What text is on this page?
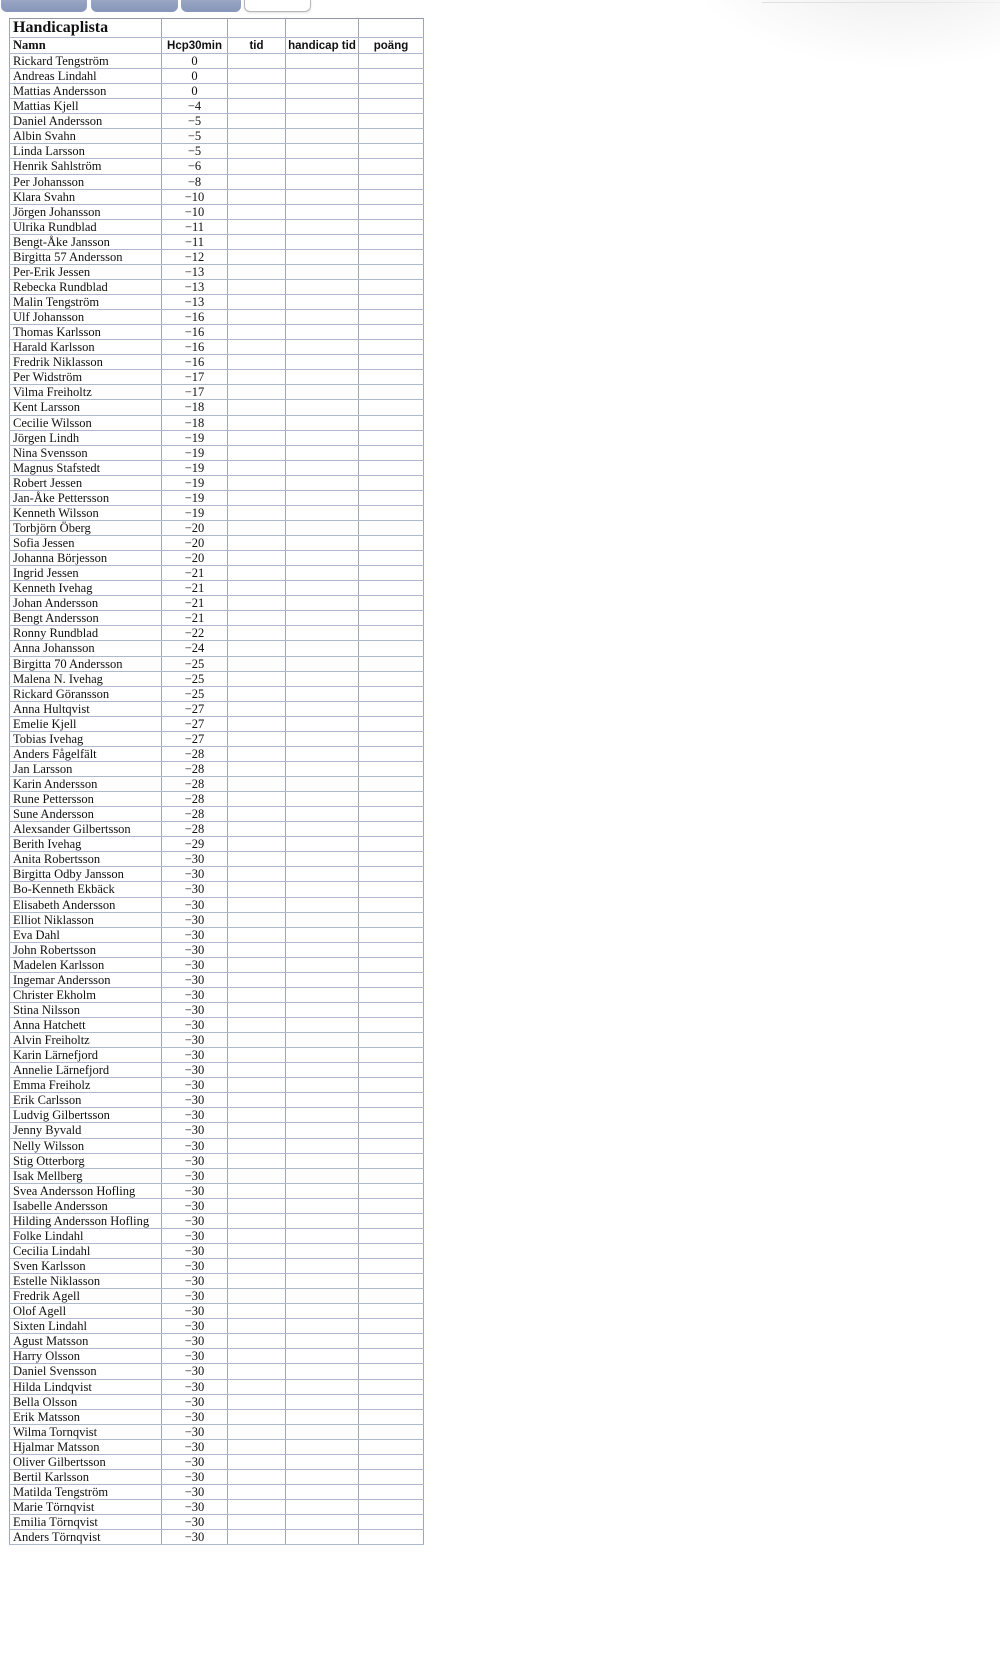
Handicaplista				
Namn	Hcp30min	tid	handicap tid	poäng
Rickard Tengström	0			
Andreas Lindahl	0			
Mattias Andersson	0			
Mattias Kjell	−4			
Daniel Andersson	−5			
Albin Svahn	−5			
Linda Larsson	−5			
Henrik Sahlström	−6			
Per Johansson	−8			
Klara Svahn	−10			
Jörgen Johansson	−10			
Ulrika Rundblad	−11			
Bengt-Åke Jansson	−11			
Birgitta 57 Andersson	−12			
Per-Erik Jessen	−13			
Rebecka Rundblad	−13			
Malin Tengström	−13			
Ulf Johansson	−16			
Thomas Karlsson	−16			
Harald Karlsson	−16			
Fredrik Niklasson	−16			
Per Widström	−17			
Vilma Freiholtz	−17			
Kent Larsson	−18			
Cecilie Wilsson	−18			
Jörgen Lindh	−19			
Nina Svensson	−19			
Magnus Stafstedt	−19			
Robert Jessen	−19			
Jan-Åke Pettersson	−19			
Kenneth Wilsson	−19			
Torbjörn Öberg	−20			
Sofia Jessen	−20			
Johanna Börjesson	−20			
Ingrid Jessen	−21			
Kenneth Ivehag	−21			
Johan Andersson	−21			
Bengt Andersson	−21			
Ronny Rundblad	−22			
Anna Johansson	−24			
Birgitta 70 Andersson	−25			
Malena N. Ivehag	−25			
Rickard Göransson	−25			
Anna Hultqvist	−27			
Emelie Kjell	−27			
Tobias Ivehag	−27			
Anders Fågelfält	−28			
Jan Larsson	−28			
Karin Andersson	−28			
Rune Pettersson	−28			
Sune Andersson	−28			
Alexsander Gilbertsson	−28			
Berith Ivehag	−29			
Anita Robertsson	−30			
Birgitta Odby Jansson	−30			
Bo-Kenneth Ekbäck	−30			
Elisabeth Andersson	−30			
Elliot Niklasson	−30			
Eva Dahl	−30			
John Robertsson	−30			
Madelen Karlsson	−30			
Ingemar Andersson	−30			
Christer Ekholm	−30			
Stina Nilsson	−30			
Anna Hatchett	−30			
Alvin Freiholtz	−30			
Karin Lärnefjord	−30			
Annelie Lärnefjord	−30			
Emma Freiholz	−30			
Erik Carlsson	−30			
Ludvig Gilbertsson	−30			
Jenny Byvald	−30			
Nelly Wilsson	−30			
Stig Otterborg	−30			
Isak Mellberg	−30			
Svea Andersson Hofling	−30			
Isabelle Andersson	−30			
Hilding Andersson Hofling	−30			
Folke Lindahl	−30			
Cecilia Lindahl	−30			
Sven Karlsson	−30			
Estelle Niklasson	−30			
Fredrik Agell	−30			
Olof Agell	−30			
Sixten Lindahl	−30			
Agust Matsson	−30			
Harry Olsson	−30			
Daniel Svensson	−30			
Hilda Lindqvist	−30			
Bella Olsson	−30			
Erik Matsson	−30			
Wilma Tornqvist	−30			
Hjalmar Matsson	−30			
Oliver Gilbertsson	−30			
Bertil Karlsson	−30			
Matilda Tengström	−30			
Marie Törnqvist	−30			
Emilia Törnqvist	−30			
Anders Törnqvist	−30			
